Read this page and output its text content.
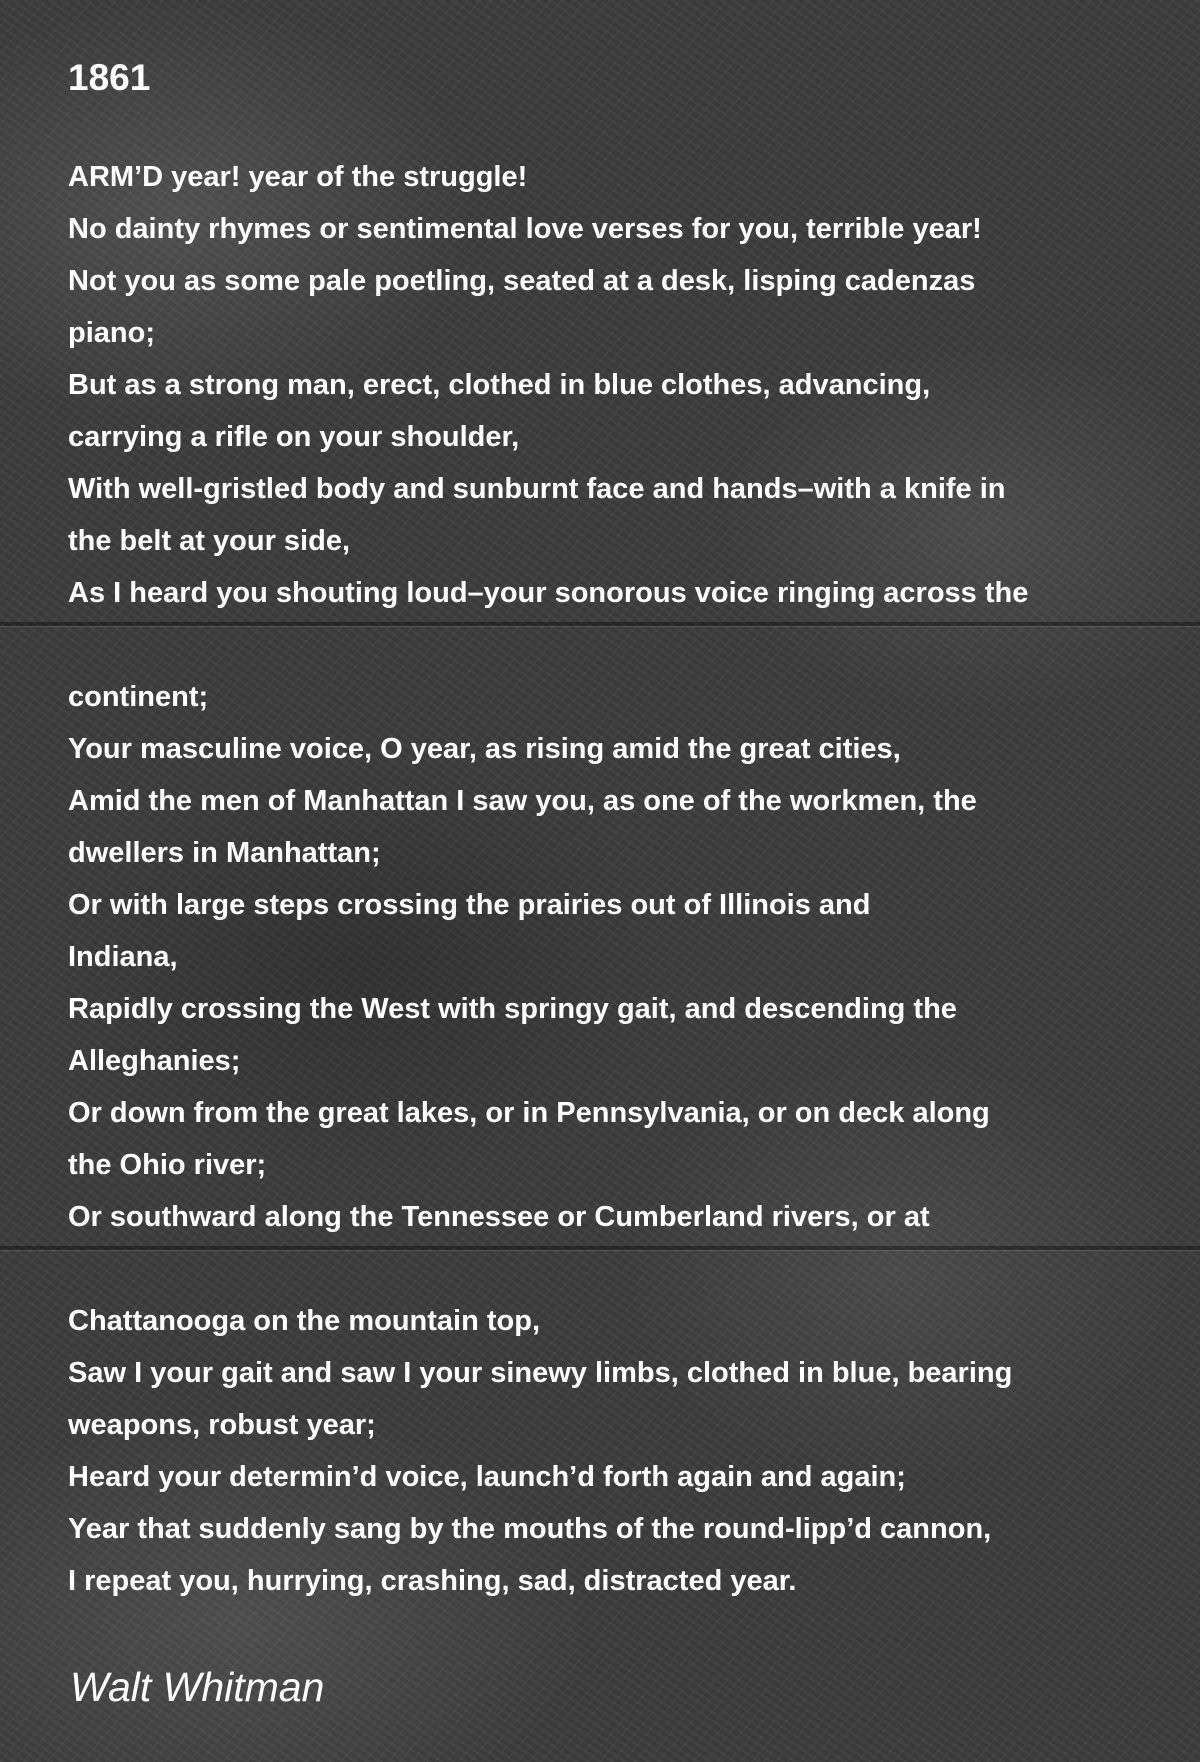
1861
ARM’D year! year of the struggle!
No dainty rhymes or sentimental love verses for you, terrible year!
Not you as some pale poetling, seated at a desk, lisping cadenzas
piano;
But as a strong man, erect, clothed in blue clothes, advancing,
carrying a rifle on your shoulder,
With well-gristled body and sunburnt face and hands–with a knife in
the belt at your side,
As I heard you shouting loud–your sonorous voice ringing across the
continent;
Your masculine voice, O year, as rising amid the great cities,
Amid the men of Manhattan I saw you, as one of the workmen, the
dwellers in Manhattan;
Or with large steps crossing the prairies out of Illinois and
Indiana,
Rapidly crossing the West with springy gait, and descending the
Alleghanies;
Or down from the great lakes, or in Pennsylvania, or on deck along
the Ohio river;
Or southward along the Tennessee or Cumberland rivers, or at
Chattanooga on the mountain top,
Saw I your gait and saw I your sinewy limbs, clothed in blue, bearing
weapons, robust year;
Heard your determin’d voice, launch’d forth again and again;
Year that suddenly sang by the mouths of the round-lipp’d cannon,
I repeat you, hurrying, crashing, sad, distracted year.

Walt Whitman
